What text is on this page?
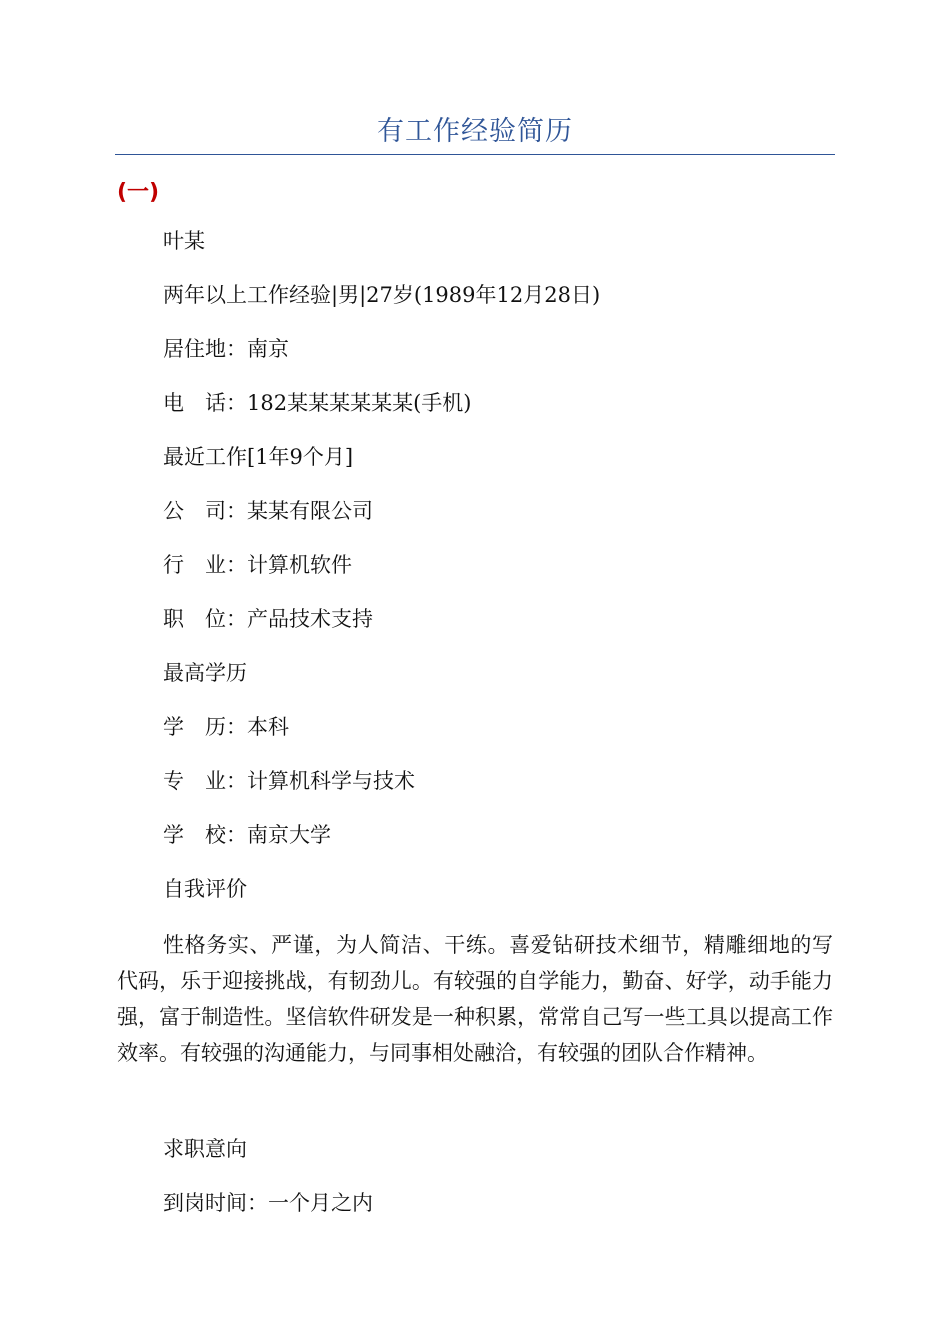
有工作经验简历
(一)
叶某
两年以上工作经验|男|27岁(1989年12月28日)
居住地：南京
电　话：182某某某某某某(手机)
最近工作[1年9个月]
公　司：某某有限公司
行　业：计算机软件
职　位：产品技术支持
最高学历
学　历：本科
专　业：计算机科学与技术
学　校：南京大学
自我评价

性格务实、严谨，为人简洁、干练。喜爱钻研技术细节，精雕细地的写代码，乐于迎接挑战，有韧劲儿。有较强的自学能力，勤奋、好学，动手能力强，富于制造性。坚信软件研发是一种积累，常常自己写一些工具以提高工作效率。有较强的沟通能力，与同事相处融洽，有较强的团队合作精神。

求职意向
到岗时间：一个月之内
